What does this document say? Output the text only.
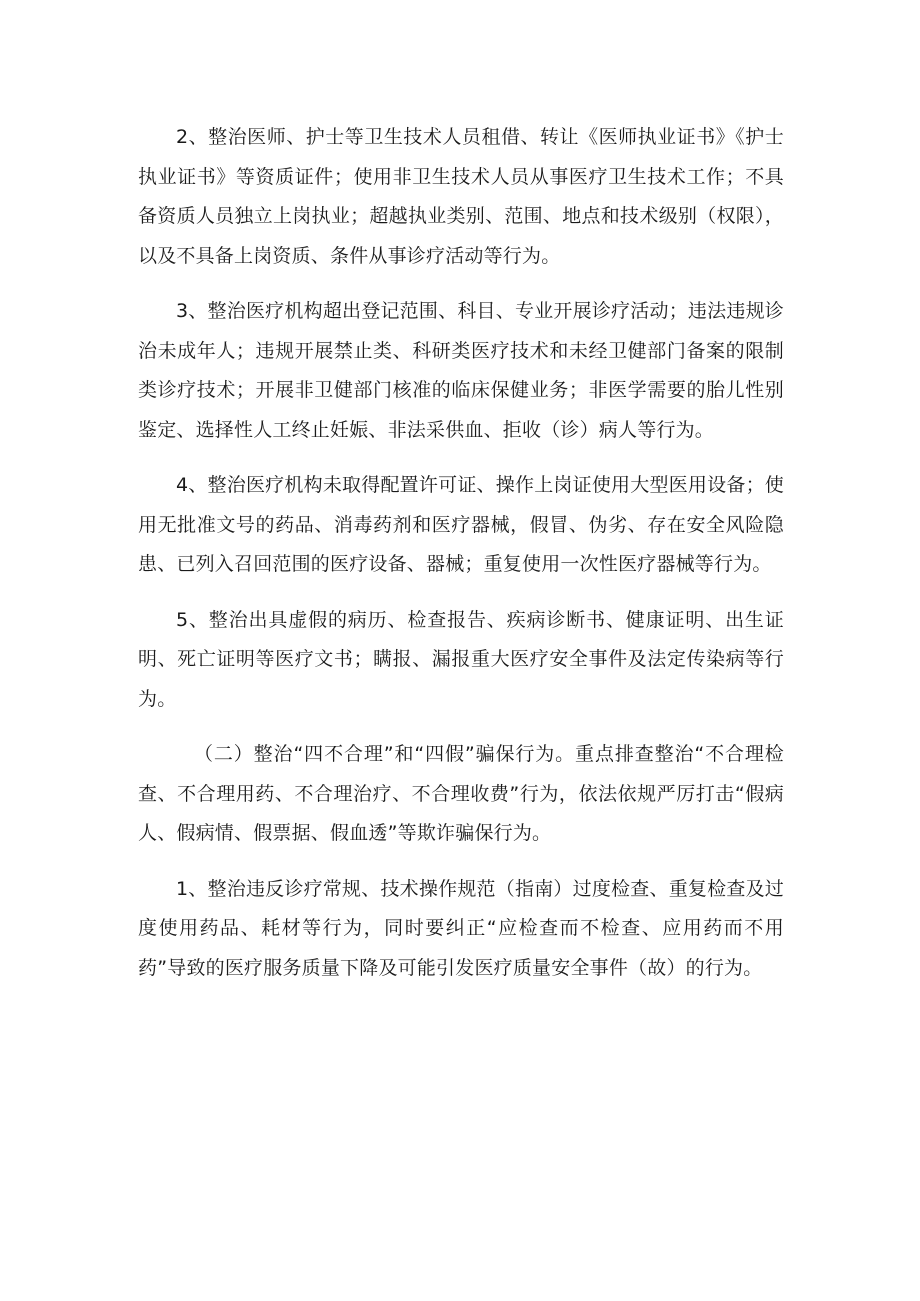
2、整治医师、护士等卫生技术人员租借、转让《医师执业证书》《护士执业证书》等资质证件；使用非卫生技术人员从事医疗卫生技术工作；不具备资质人员独立上岗执业；超越执业类别、范围、地点和技术级别（权限），以及不具备上岗资质、条件从事诊疗活动等行为。

3、整治医疗机构超出登记范围、科目、专业开展诊疗活动；违法违规诊治未成年人；违规开展禁止类、科研类医疗技术和未经卫健部门备案的限制类诊疗技术；开展非卫健部门核准的临床保健业务；非医学需要的胎儿性别鉴定、选择性人工终止妊娠、非法采供血、拒收（诊）病人等行为。

4、整治医疗机构未取得配置许可证、操作上岗证使用大型医用设备；使用无批准文号的药品、消毒药剂和医疗器械，假冒、伪劣、存在安全风险隐患、已列入召回范围的医疗设备、器械；重复使用一次性医疗器械等行为。

5、整治出具虚假的病历、检查报告、疾病诊断书、健康证明、出生证明、死亡证明等医疗文书；瞒报、漏报重大医疗安全事件及法定传染病等行为。

（二）整治“四不合理”和“四假”骗保行为。重点排查整治“不合理检查、不合理用药、不合理治疗、不合理收费”行为，依法依规严厉打击“假病人、假病情、假票据、假血透”等欺诈骗保行为。

1、整治违反诊疗常规、技术操作规范（指南）过度检查、重复检查及过度使用药品、耗材等行为，同时要纠正“应检查而不检查、应用药而不用药”导致的医疗服务质量下降及可能引发医疗质量安全事件（故）的行为。
